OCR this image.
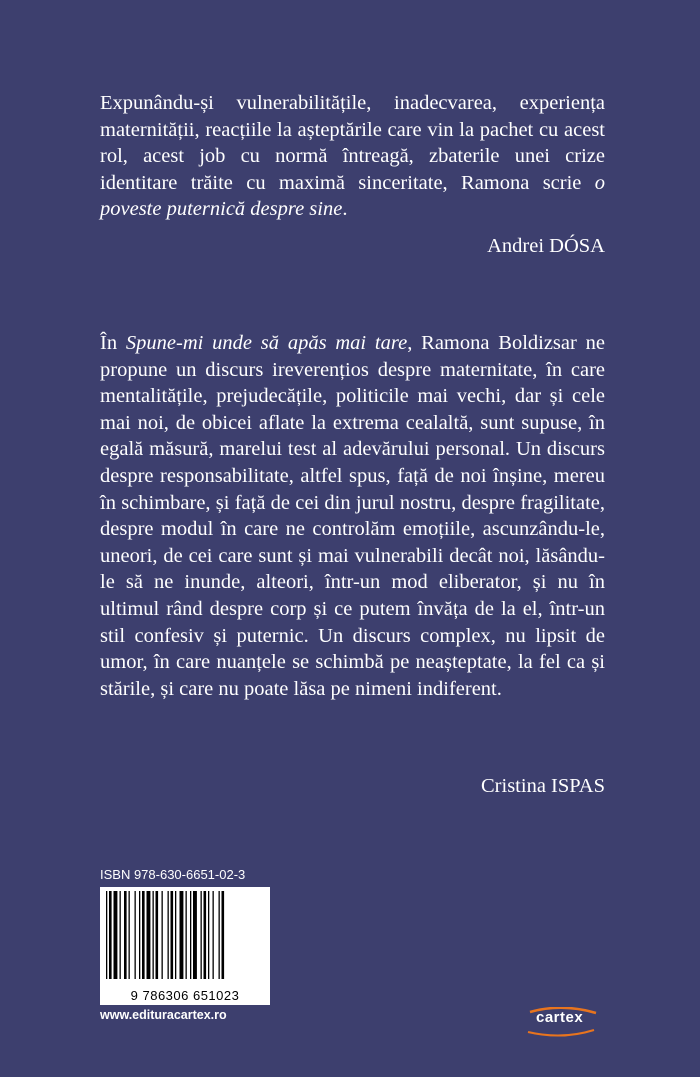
Expunându-și vulnerabilitățile, inadecvarea, experiența maternității, reacțiile la așteptările care vin la pachet cu acest rol, acest job cu normă întreagă, zbaterile unei crize identitare trăite cu maximă sinceritate, Ramona scrie o poveste puternică despre sine.

Andrei DÓSA

În Spune-mi unde să apăs mai tare, Ramona Boldizsar ne propune un discurs ireverențios despre maternitate, în care mentalitățile, prejudecățile, politicile mai vechi, dar și cele mai noi, de obicei aflate la extrema cealaltă, sunt supuse, în egală măsură, marelui test al adevărului personal. Un discurs despre responsabilitate, altfel spus, față de noi înșine, mereu în schimbare, și față de cei din jurul nostru, despre fragilitate, despre modul în care ne controlăm emoțiile, ascunzându-le, uneori, de cei care sunt și mai vulnerabili decât noi, lăsându-le să ne inunde, alteori, într-un mod eliberator, și nu în ultimul rând despre corp și ce putem învăța de la el, într-un stil confesiv și puternic. Un discurs complex, nu lipsit de umor, în care nuanțele se schimbă pe neașteptate, la fel ca și stările, și care nu poate lăsa pe nimeni indiferent.

Cristina ISPAS

ISBN 978-630-6651-02-3

9 786306 651023

www.edituracartex.ro	cartex
